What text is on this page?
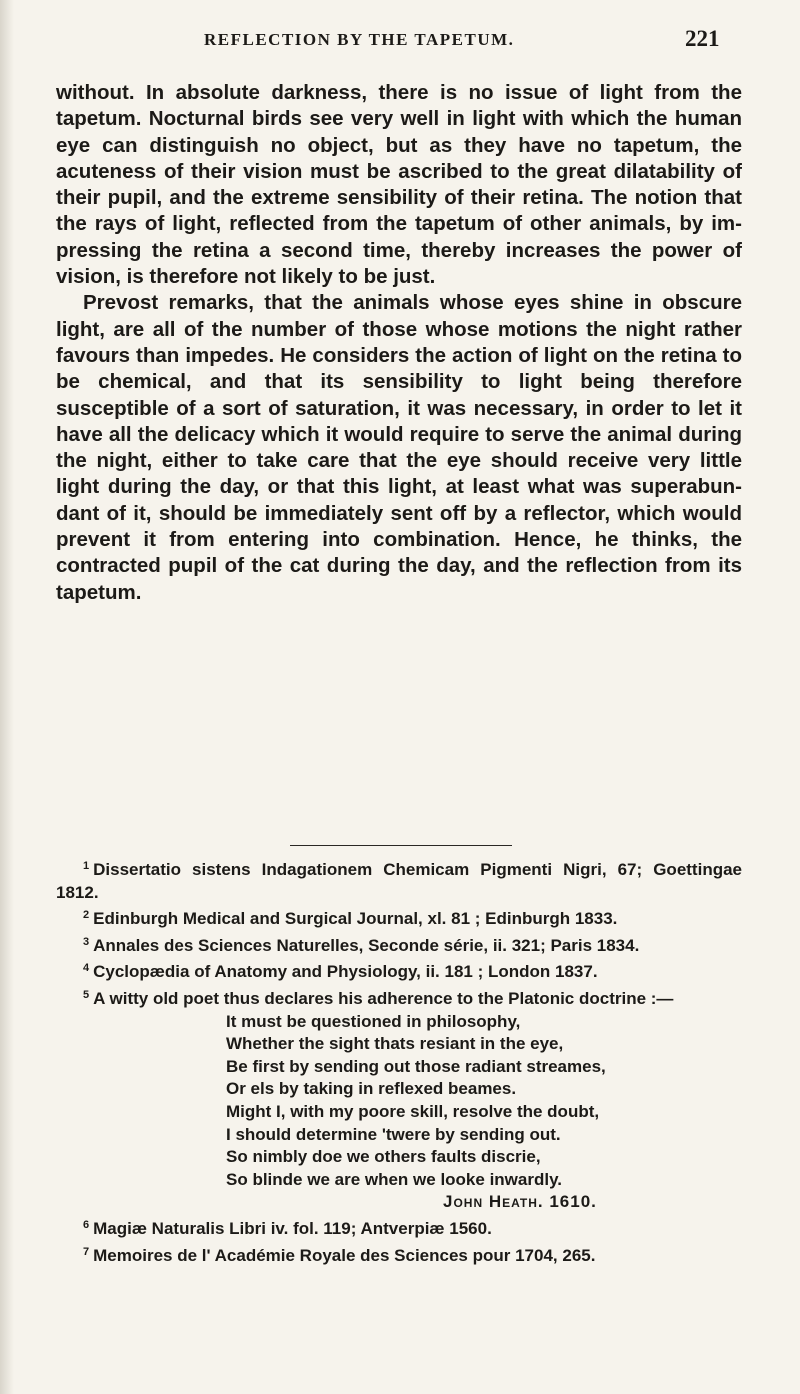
REFLECTION BY THE TAPETUM.	221

without. In absolute darkness, there is no issue of light from the tapetum. Nocturnal birds see very well in light with which the human eye can distinguish no object, but as they have no tapetum, the acuteness of their vision must be ascribed to the great dilatability of their pupil, and the extreme sensibility of their retina. The notion that the rays of light, reflected from the tapetum of other animals, by impressing the retina a second time, thereby increases the power of vision, is therefore not likely to be just.

Prevost remarks, that the animals whose eyes shine in obscure light, are all of the number of those whose motions the night rather favours than impedes. He considers the action of light on the retina to be chemical, and that its sensibility to light being therefore susceptible of a sort of saturation, it was necessary, in order to let it have all the delicacy which it would require to serve the animal during the night, either to take care that the eye should receive very little light during the day, or that this light, at least what was superabundant of it, should be immediately sent off by a reflector, which would prevent it from entering into combination. Hence, he thinks, the contracted pupil of the cat during the day, and the reflection from its tapetum.

$^1$ Dissertatio sistens Indagationem Chemicam Pigmenti Nigri, 67; Goettingae 1812.

$^2$ Edinburgh Medical and Surgical Journal, xl. 81 ; Edinburgh 1833.

$^3$ Annales des Sciences Naturelles, Seconde série, ii. 321; Paris 1834.

$^4$ Cyclopædia of Anatomy and Physiology, ii. 181 ; London 1837.

$^5$ A witty old poet thus declares his adherence to the Platonic doctrine :—

It must be questioned in philosophy,
Whether the sight thats resiant in the eye,
Be first by sending out those radiant streames,
Or els by taking in reflexed beames.
Might I, with my poore skill, resolve the doubt,
I should determine 'twere by sending out.
So nimbly doe we others faults discrie,
So blinde we are when we looke inwardly.
John Heath. 1610.

$^6$ Magiæ Naturalis Libri iv. fol. 119; Antverpiæ 1560.

$^7$ Memoires de l' Académie Royale des Sciences pour 1704, 265.
